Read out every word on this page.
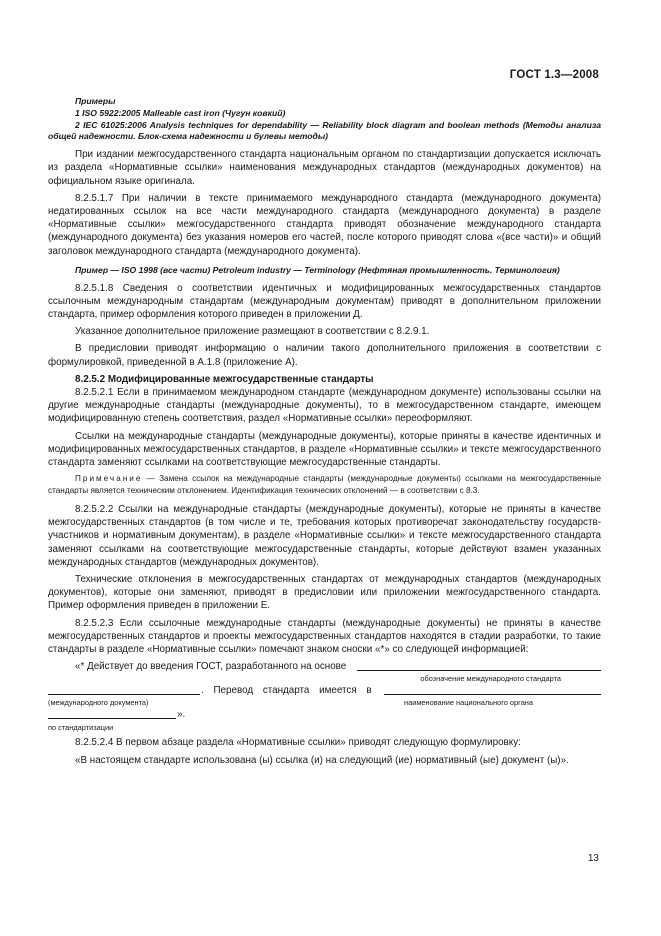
ГОСТ 1.3—2008

Примеры

1 ISO 5922:2005 Malleable cast iron (Чугун ковкий)

2 IEC 61025:2006 Analysis techniques for dependability — Reliability block diagram and boolean methods (Методы анализа общей надежности. Блок-схема надежности и булевы методы)

При издании межгосударственного стандарта национальным органом по стандартизации допускается исключать из раздела «Нормативные ссылки» наименования международных стандартов (международных документов) на официальном языке оригинала.

8.2.5.1.7 При наличии в тексте принимаемого международного стандарта (международного документа) недатированных ссылок на все части международного стандарта (международного документа) в разделе «Нормативные ссылки» межгосударственного стандарта приводят обозначение международного стандарта (международного документа) без указания номеров его частей, после которого приводят слова «(все части)» и общий заголовок международного стандарта (международного документа).

Пример — ISO 1998 (все части) Petroleum industry — Terminology (Нефтяная промышленность. Терминология)

8.2.5.1.8 Сведения о соответствии идентичных и модифицированных межгосударственных стандартов ссылочным международным стандартам (международным документам) приводят в дополнительном приложении стандарта, пример оформления которого приведен в приложении Д.

Указанное дополнительное приложение размещают в соответствии с 8.2.9.1.

В предисловии приводят информацию о наличии такого дополнительного приложения в соответствии с формулировкой, приведенной в А.1.8 (приложение А).

8.2.5.2 Модифицированные межгосударственные стандарты

8.2.5.2.1 Если в принимаемом международном стандарте (международном документе) использованы ссылки на другие международные стандарты (международные документы), то в межгосударственном стандарте, имеющем модифицированную степень соответствия, раздел «Нормативные ссылки» переоформляют.

Ссылки на международные стандарты (международные документы), которые приняты в качестве идентичных и модифицированных межгосударственных стандартов, в разделе «Нормативные ссылки» и тексте межгосударственного стандарта заменяют ссылками на соответствующие межгосударственные стандарты.

Примечание — Замена ссылок на международные стандарты (международные документы) ссылками на межгосударственные стандарты является техническим отклонением. Идентификация технических отклонений — в соответствии с 8.3.

8.2.5.2.2 Ссылки на международные стандарты (международные документы), которые не приняты в качестве межгосударственных стандартов (в том числе и те, требования которых противоречат законодательству государств-участников и нормативным документам), в разделе «Нормативные ссылки» и тексте межгосударственного стандарта заменяют ссылками на соответствующие межгосударственные стандарты, которые действуют взамен указанных международных стандартов (международных документов).

Технические отклонения в межгосударственных стандартах от международных стандартов (международных документов), которые они заменяют, приводят в предисловии или приложении межгосударственного стандарта. Пример оформления приведен в приложении Е.

8.2.5.2.3 Если ссылочные международные стандарты (международные документы) не приняты в качестве межгосударственных стандартов и проекты межгосударственных стандартов находятся в стадии разработки, то такие стандарты в разделе «Нормативные ссылки» помечают знаком сноски «*» со следующей информацией:

«* Действует до введения ГОСТ, разработанного на основе
обозначение международного стандарта
. Перевод стандарта имеется в
(международного документа)	наименование национального органа
».
по стандартизации

8.2.5.2.4 В первом абзаце раздела «Нормативные ссылки» приводят следующую формулировку:

«В настоящем стандарте использована (ы) ссылка (и) на следующий (ие) нормативный (ые) документ (ы)».

13
